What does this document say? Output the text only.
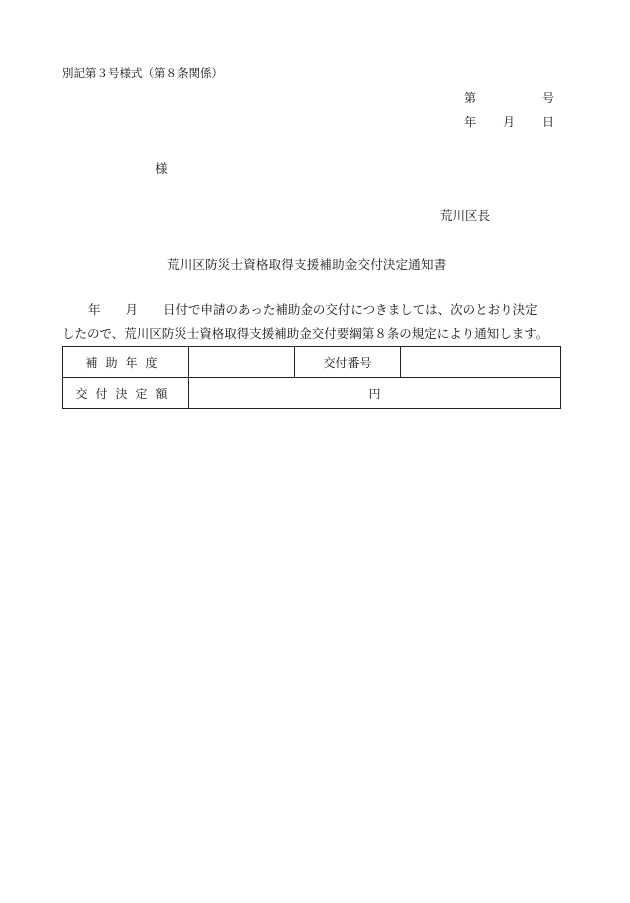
別記第３号様式（第８条関係）
第	号
年 月 日
様
荒川区長
荒川区防災士資格取得支援補助金交付決定通知書
年　　月　　日付で申請のあった補助金の交付につきましては、次のとおり決定
したので、荒川区防災士資格取得支援補助金交付要綱第８条の規定により通知します。
補助年度		交付番号	
交付決定額	円		
